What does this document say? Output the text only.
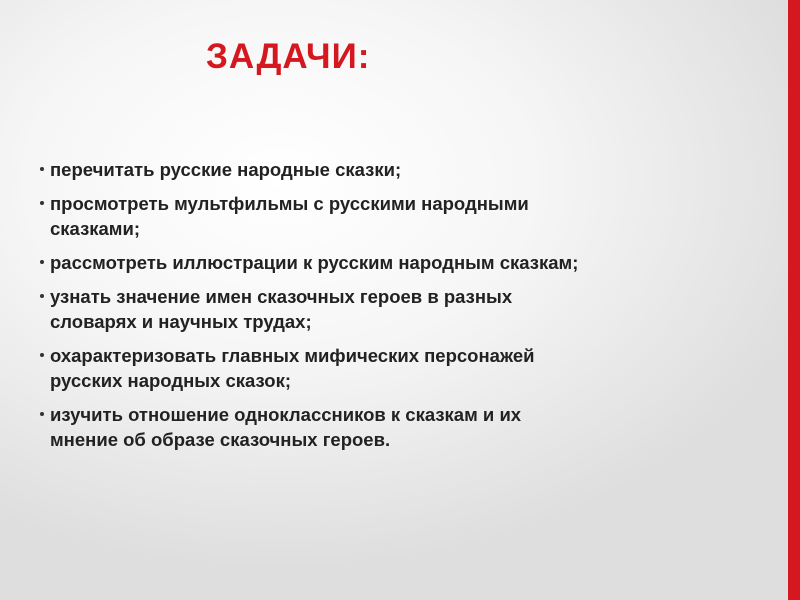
ЗАДАЧИ:
перечитать русские народные сказки;
просмотреть мультфильмы с русскими народными
сказками;
рассмотреть иллюстрации к русским народным сказкам;
узнать значение имен сказочных героев в разных
словарях и научных трудах;
охарактеризовать главных мифических персонажей
русских народных сказок;
изучить отношение одноклассников к сказкам и их
мнение об образе сказочных героев.
